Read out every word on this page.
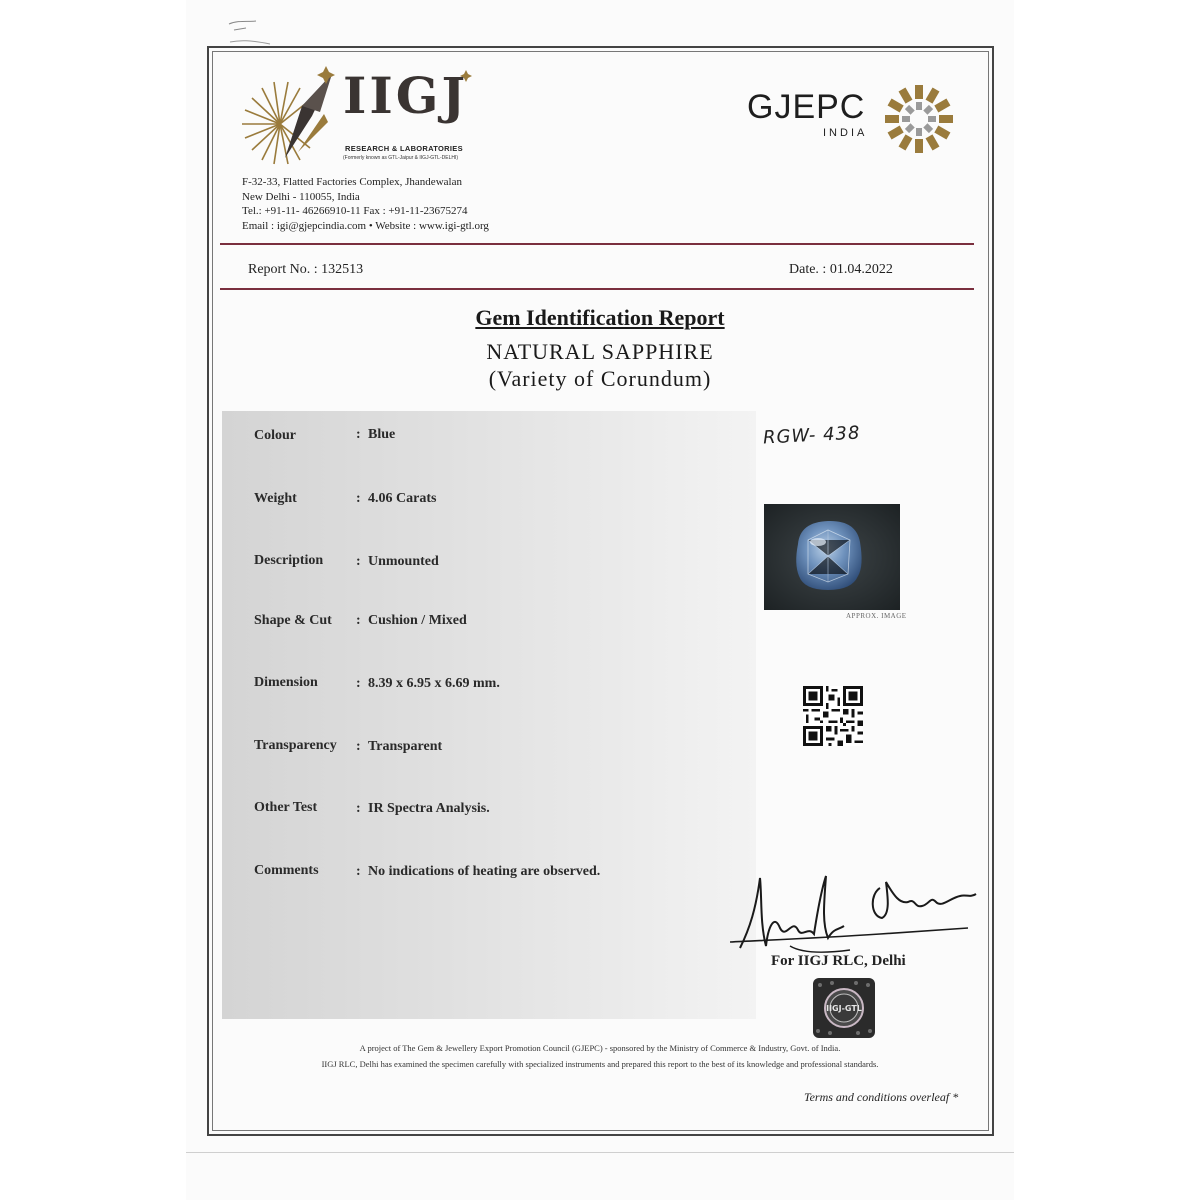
IIGJ
RESEARCH & LABORATORIES
(Formerly known as GTL-Jaipur & IIGJ-GTL-DELHI)
GJEPC
INDIA
F-32-33, Flatted Factories Complex, Jhandewalan
New Delhi - 110055, India
Tel.: +91-11- 46266910-11 Fax : +91-11-23675274
Email : igi@gjepcindia.com • Website : www.igi-gtl.org
Report No. : 132513	Date. : 01.04.2022
Gem Identification Report
NATURAL SAPPHIRE
(Variety of Corundum)
Colour	: Blue
Weight	: 4.06 Carats
Description : Unmounted
Shape & Cut : Cushion / Mixed
Dimension	: 8.39 x 6.95 x 6.69 mm.
Transparency : Transparent
Other Test	: IR Spectra Analysis.
Comments	: No indications of heating are observed.
RGW- 438
APPROX. IMAGE
For IIGJ RLC, Delhi
IIGJ-GTL
A project of The Gem & Jewellery Export Promotion Council (GJEPC) - sponsored by the Ministry of Commerce & Industry, Govt. of India.
IIGJ RLC, Delhi has examined the specimen carefully with specialized instruments and prepared this report to the best of its knowledge and professional standards.
Terms and conditions overleaf *
